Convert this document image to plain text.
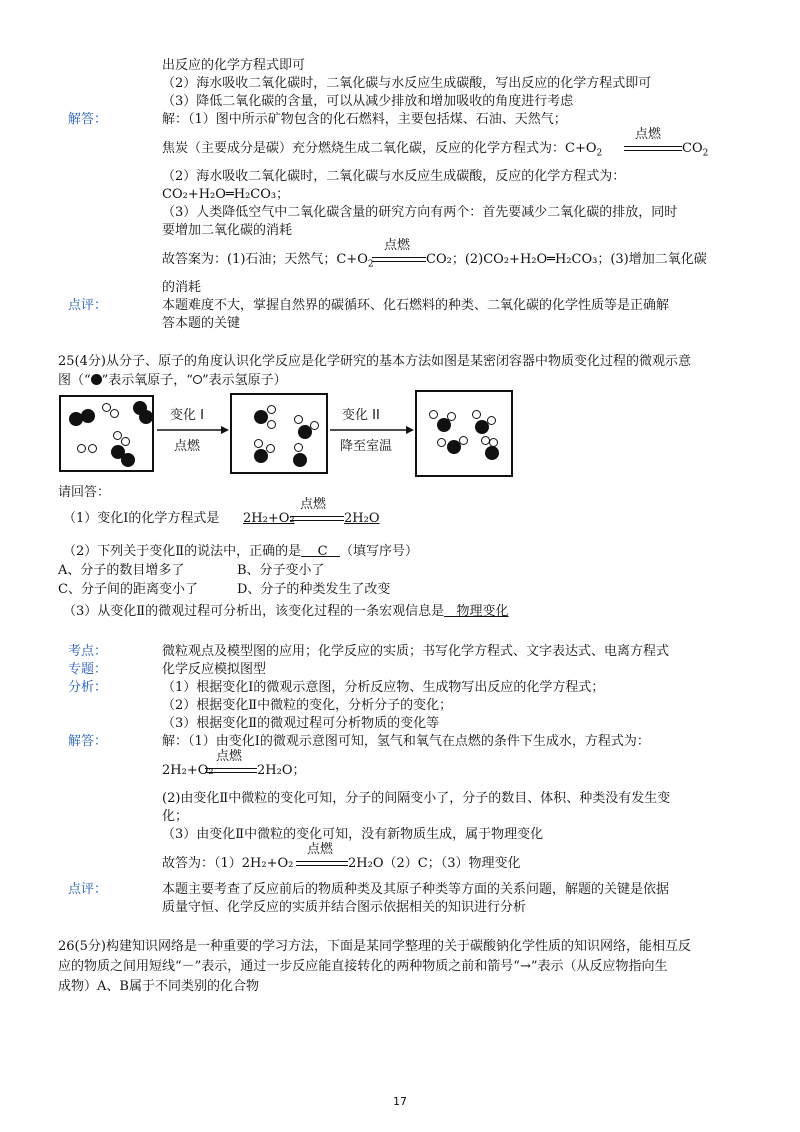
出反应的化学方程式即可
（2）海水吸收二氧化碳时，二氧化碳与水反应生成碳酸，写出反应的化学方程式即可
（3）降低二氧化碳的含量，可以从减少排放和增加吸收的角度进行考虑
解答：	解：（1）图中所示矿物包含的化石燃料，主要包括煤、石油、天然气；
焦炭（主要成分是碳）充分燃烧生成二氧化碳，反应的化学方程式为：$C+O_2$
点燃
$CO_2$
（2）海水吸收二氧化碳时，二氧化碳与水反应生成碳酸，反应的化学方程式为：
CO₂+H₂O═H₂CO₃；
（3）人类降低空气中二氧化碳含量的研究方向有两个：首先要减少二氧化碳的排放，同时
要增加二氧化碳的消耗
故答案为：(1)石油；天然气；$C+O_2$
点燃
CO₂；(2)CO₂+H₂O═H₂CO₃；(3)增加二氧化碳
的消耗
点评：	本题难度不大，掌握自然界的碳循环、化石燃料的种类、二氧化碳的化学性质等是正确解
答本题的关键
25(4分)从分子、原子的角度认识化学反应是化学研究的基本方法如图是某密闭容器中物质变化过程的微观示意
图（“ ”表示氧原子，“ ”表示氢原子）
变化 I
点燃
变化 II
降至室温
请回答：
（1）变化Ⅰ的化学方程式是	2H₂+O₂
点燃
2H₂O
（2）下列关于变化Ⅱ的说法中，正确的是 C （填写序号）
A、分子的数目增多了	B、分子变小了
C、分子间的距离变小了	D、分子的种类发生了改变
（3）从变化Ⅱ的微观过程可分析出，该变化过程的一条宏观信息是 物理变化
考点：	微粒观点及模型图的应用；化学反应的实质；书写化学方程式、文字表达式、电离方程式
专题：	化学反应模拟图型
分析：	（1）根据变化Ⅰ的微观示意图，分析反应物、生成物写出反应的化学方程式；
（2）根据变化Ⅱ中微粒的变化，分析分子的变化；
（3）根据变化Ⅱ的微观过程可分析物质的变化等
解答：	解：（1）由变化Ⅰ的微观示意图可知，氢气和氧气在点燃的条件下生成水，方程式为：
2H₂+O₂
点燃
2H₂O；
(2)由变化Ⅱ中微粒的变化可知，分子的间隔变小了，分子的数目、体积、种类没有发生变
化；
（3）由变化Ⅱ中微粒的变化可知，没有新物质生成，属于物理变化
故答为：（1）2H₂+O₂
点燃
2H₂O（2）C；（3）物理变化
点评：	本题主要考查了反应前后的物质种类及其原子种类等方面的关系问题，解题的关键是依据
质量守恒、化学反应的实质并结合图示依据相关的知识进行分析
26(5分)构建知识网络是一种重要的学习方法，下面是某同学整理的关于碳酸钠化学性质的知识网络，能相互反
应的物质之间用短线“－”表示，通过一步反应能直接转化的两种物质之前和箭号“→”表示（从反应物指向生
成物）A、B属于不同类别的化合物
17
